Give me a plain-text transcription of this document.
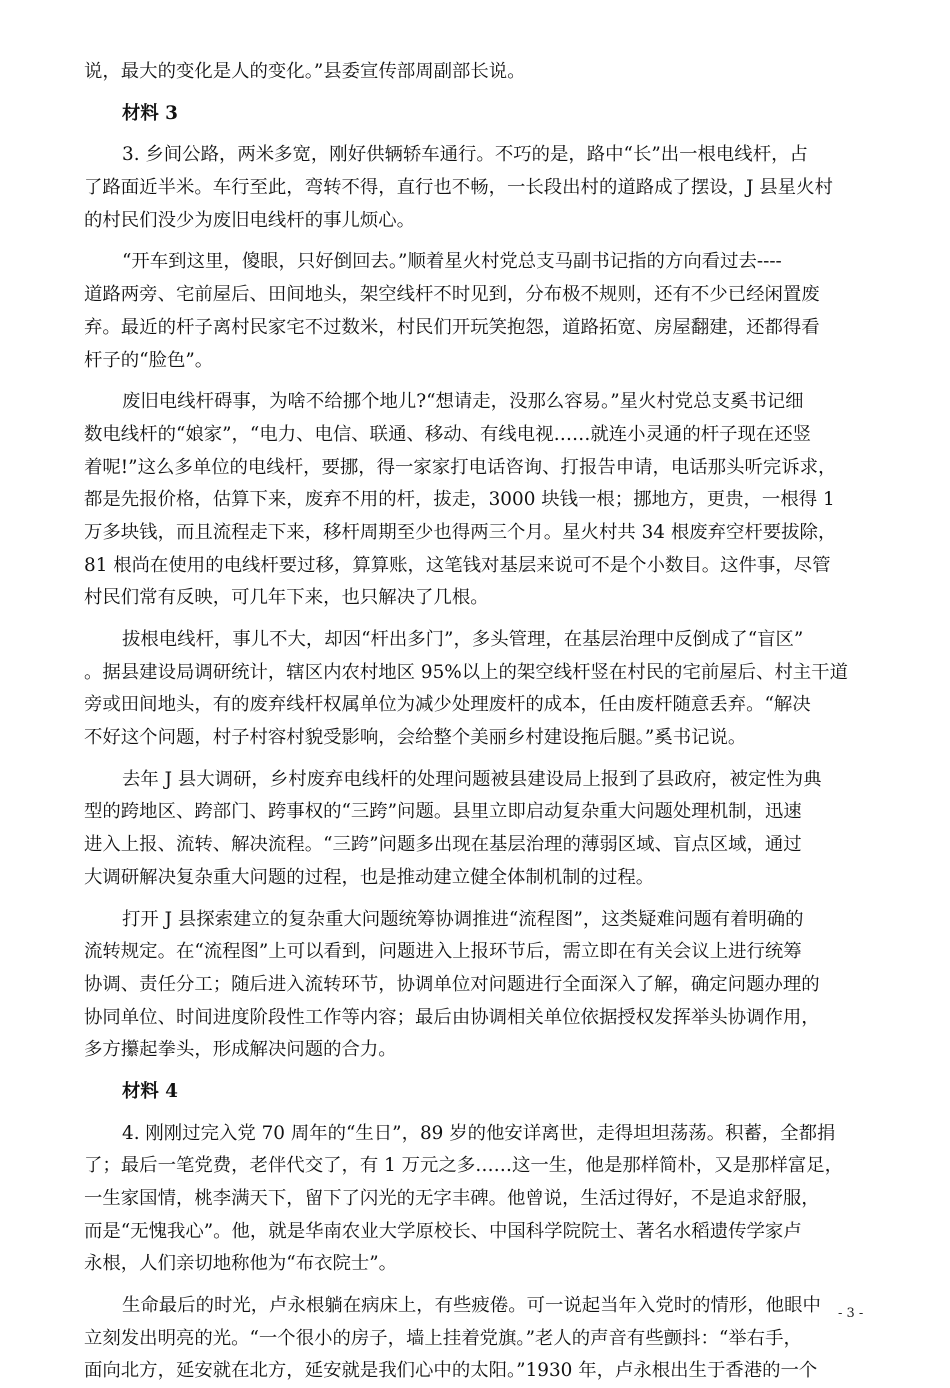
说，最大的变化是人的变化。”县委宣传部周副部长说。
材料 3
3. 乡间公路，两米多宽，刚好供辆轿车通行。不巧的是，路中“长”出一根电线杆，占
了路面近半米。车行至此，弯转不得，直行也不畅，一长段出村的道路成了摆设，J 县星火村
的村民们没少为废旧电线杆的事儿烦心。
“开车到这里，傻眼，只好倒回去。”顺着星火村党总支马副书记指的方向看过去----
道路两旁、宅前屋后、田间地头，架空线杆不时见到，分布极不规则，还有不少已经闲置废
弃。最近的杆子离村民家宅不过数米，村民们开玩笑抱怨，道路拓宽、房屋翻建，还都得看
杆子的“脸色”。
废旧电线杆碍事，为啥不给挪个地儿?“想请走，没那么容易。”星火村党总支奚书记细
数电线杆的“娘家”，“电力、电信、联通、移动、有线电视……就连小灵通的杆子现在还竖
着呢!”这么多单位的电线杆，要挪，得一家家打电话咨询、打报告申请，电话那头听完诉求，
都是先报价格，估算下来，废弃不用的杆，拔走，3000 块钱一根；挪地方，更贵，一根得 1
万多块钱，而且流程走下来，移杆周期至少也得两三个月。星火村共 34 根废弃空杆要拔除，
81 根尚在使用的电线杆要过移，算算账，这笔钱对基层来说可不是个小数目。这件事，尽管
村民们常有反映，可几年下来，也只解决了几根。
拔根电线杆，事儿不大，却因“杆出多门”，多头管理，在基层治理中反倒成了“盲区”
。据县建设局调研统计，辖区内农村地区 95%以上的架空线杆竖在村民的宅前屋后、村主干道
旁或田间地头，有的废弃线杆权属单位为减少处理废杆的成本，任由废杆随意丢弃。“解决
不好这个问题，村子村容村貌受影响，会给整个美丽乡村建设拖后腿。”奚书记说。
去年 J 县大调研，乡村废弃电线杆的处理问题被县建设局上报到了县政府，被定性为典
型的跨地区、跨部门、跨事权的“三跨”问题。县里立即启动复杂重大问题处理机制，迅速
进入上报、流转、解决流程。“三跨”问题多出现在基层治理的薄弱区域、盲点区域，通过
大调研解决复杂重大问题的过程，也是推动建立健全体制机制的过程。
打开 J 县探索建立的复杂重大问题统筹协调推进“流程图”，这类疑难问题有着明确的
流转规定。在“流程图”上可以看到，问题进入上报环节后，需立即在有关会议上进行统筹
协调、责任分工；随后进入流转环节，协调单位对问题进行全面深入了解，确定问题办理的
协同单位、时间进度阶段性工作等内容；最后由协调相关单位依据授权发挥举头协调作用，
多方攥起拳头，形成解决问题的合力。
材料 4
4. 刚刚过完入党 70 周年的“生日”，89 岁的他安详离世，走得坦坦荡荡。积蓄，全都捐
了；最后一笔党费，老伴代交了，有 1 万元之多……这一生，他是那样简朴，又是那样富足，
一生家国情，桃李满天下，留下了闪光的无字丰碑。他曾说，生活过得好，不是追求舒服，
而是“无愧我心”。他，就是华南农业大学原校长、中国科学院院士、著名水稻遗传学家卢
永根，人们亲切地称他为“布衣院士”。
生命最后的时光，卢永根躺在病床上，有些疲倦。可一说起当年入党时的情形，他眼中
立刻发出明亮的光。“一个很小的房子，墙上挂着党旗。”老人的声音有些颤抖：“举右手，
面向北方，延安就在北方，延安就是我们心中的太阳。”1930 年，卢永根出生于香港的一个
- 3 -
